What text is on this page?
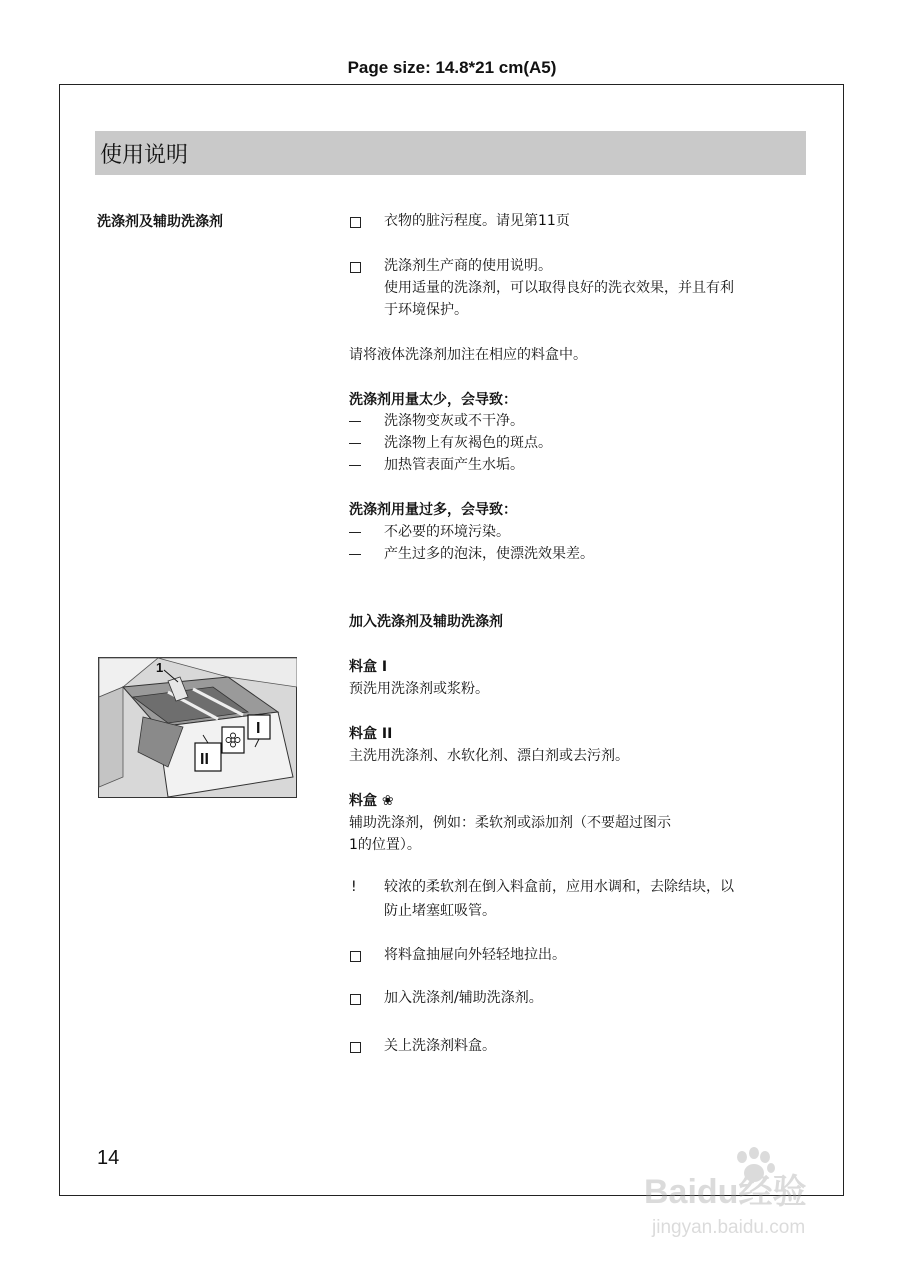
Page size: 14.8*21 cm(A5)
使用说明
洗涤剂及辅助洗涤剂	衣物的脏污程度。请见第11页
洗涤剂生产商的使用说明。
使用适量的洗涤剂，可以取得良好的洗衣效果，并且有利
于环境保护。
请将液体洗涤剂加注在相应的料盒中。
洗涤剂用量太少，会导致：
洗涤物变灰或不干净。
洗涤物上有灰褐色的斑点。
加热管表面产生水垢。
洗涤剂用量过多，会导致：
不必要的环境污染。
产生过多的泡沫，使漂洗效果差。
加入洗涤剂及辅助洗涤剂
料盒 I
预洗用洗涤剂或浆粉。
料盒 II
主洗用洗涤剂、水软化剂、漂白剂或去污剂。
料盒 ❀
辅助洗涤剂，例如：柔软剂或添加剂（不要超过图示
1的位置）。
! 较浓的柔软剂在倒入料盒前，应用水调和，去除结块，以
防止堵塞虹吸管。
将料盒抽屉向外轻轻地拉出。
加入洗涤剂/辅助洗涤剂。
关上洗涤剂料盒。
1
I
II
14
Baidu经验
jingyan.baidu.com
